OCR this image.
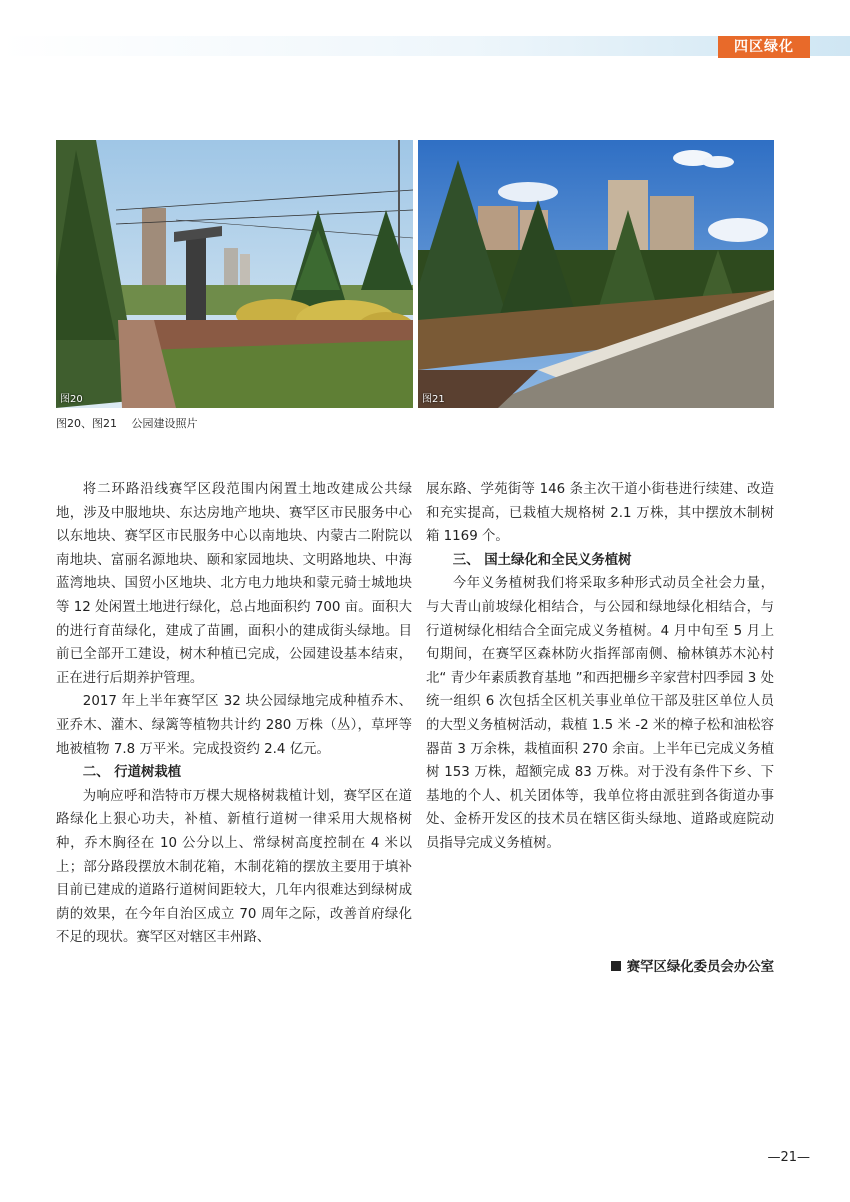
四区绿化
图20	图21
图20、图21　 公园建设照片

将二环路沿线赛罕区段范围内闲置土地改建成公共绿地，涉及中服地块、东达房地产地块、赛罕区市民服务中心以东地块、赛罕区市民服务中心以南地块、内蒙古二附院以南地块、富丽名源地块、颐和家园地块、文明路地块、中海蓝湾地块、国贸小区地块、北方电力地块和蒙元骑士城地块等 12 处闲置土地进行绿化，总占地面积约 700 亩。面积大的进行育苗绿化，建成了苗圃，面积小的建成街头绿地。目前已全部开工建设，树木种植已完成，公园建设基本结束，正在进行后期养护管理。

2017 年上半年赛罕区 32 块公园绿地完成种植乔木、亚乔木、灌木、绿篱等植物共计约 280 万株（丛），草坪等地被植物 7.8 万平米。完成投资约 2.4 亿元。

二、 行道树栽植

为响应呼和浩特市万棵大规格树栽植计划，赛罕区在道路绿化上狠心功夫，补植、新植行道树一律采用大规格树种，乔木胸径在 10 公分以上、常绿树高度控制在 4 米以上；部分路段摆放木制花箱，木制花箱的摆放主要用于填补目前已建成的道路行道树间距较大，几年内很难达到绿树成荫的效果，在今年自治区成立 70 周年之际，改善首府绿化不足的现状。赛罕区对辖区丰州路、

展东路、学苑街等 146 条主次干道小街巷进行续建、改造和充实提高，已栽植大规格树 2.1 万株，其中摆放木制树箱 1169 个。

三、 国土绿化和全民义务植树

今年义务植树我们将采取多种形式动员全社会力量，与大青山前坡绿化相结合，与公园和绿地绿化相结合，与行道树绿化相结合全面完成义务植树。4 月中旬至 5 月上旬期间，在赛罕区森林防火指挥部南侧、榆林镇苏木沁村北“ 青少年素质教育基地 ”和西把栅乡辛家营村四季园 3 处统一组织 6 次包括全区机关事业单位干部及驻区单位人员的大型义务植树活动，栽植 1.5 米 -2 米的樟子松和油松容器苗 3 万余株，栽植面积 270 余亩。上半年已完成义务植树 153 万株，超额完成 83 万株。对于没有条件下乡、下基地的个人、机关团体等，我单位将由派驻到各街道办事处、金桥开发区的技术员在辖区街头绿地、道路或庭院动员指导完成义务植树。

赛罕区绿化委员会办公室
—21—
